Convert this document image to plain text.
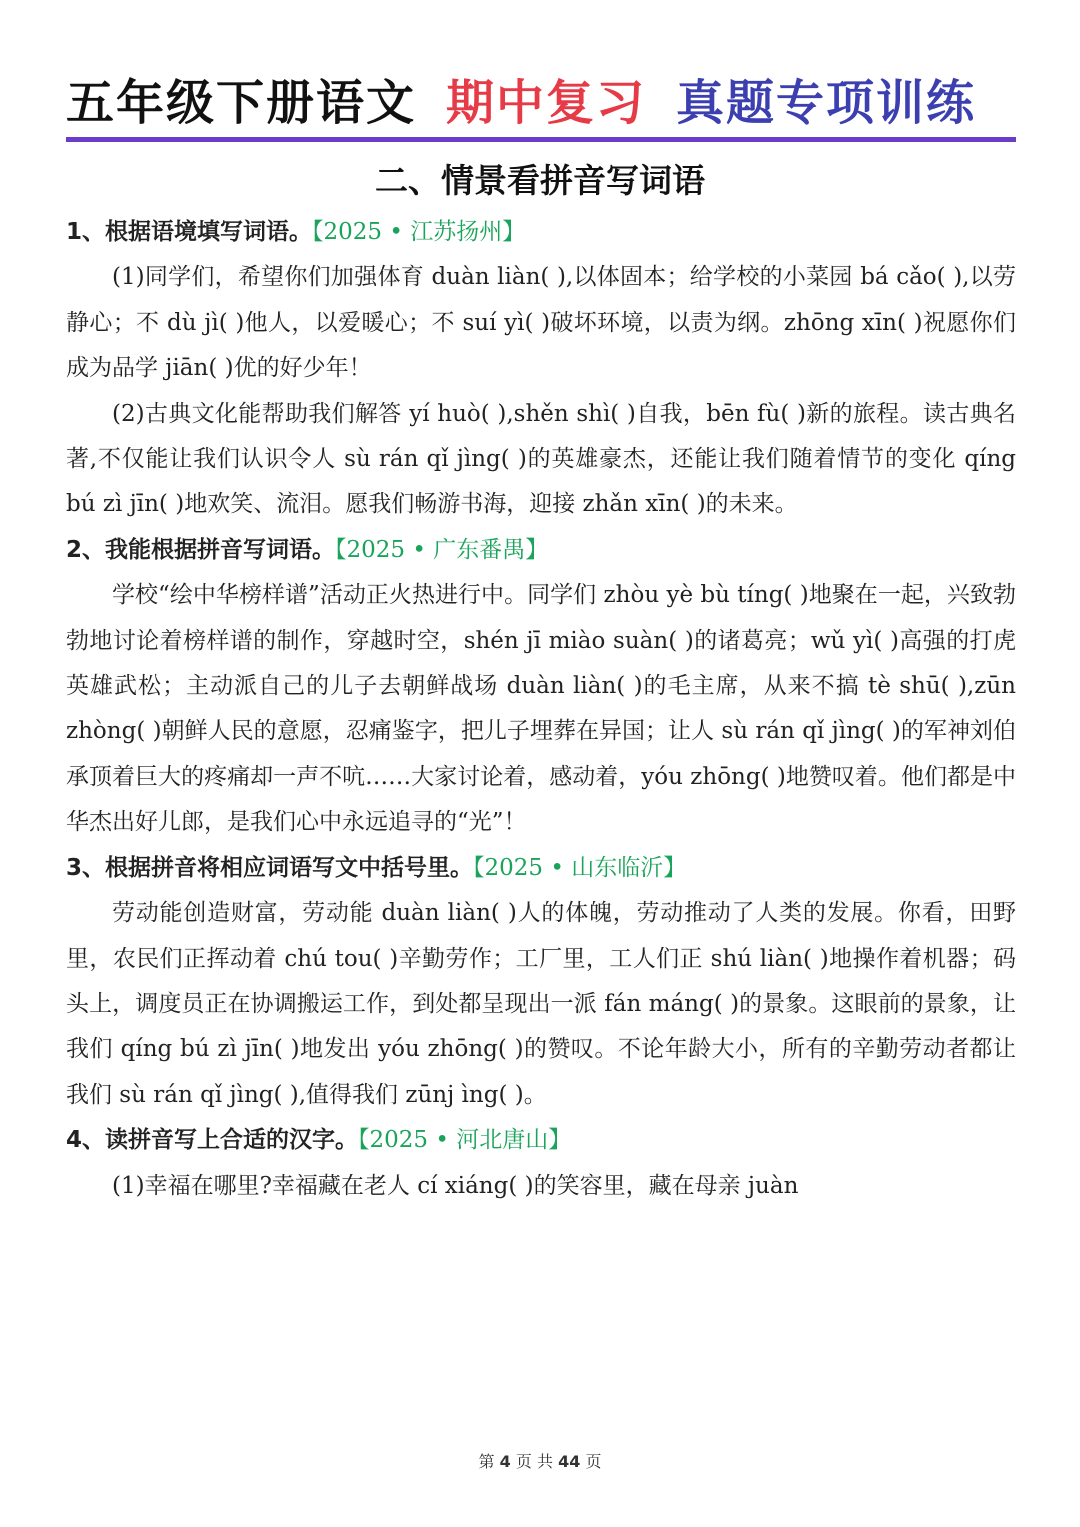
五年级下册语文 期中复习 真题专项训练
二、情景看拼音写词语
1、根据语境填写词语。【2025 • 江苏扬州】

(1)同学们，希望你们加强体育 duàn liàn( ),以体固本；给学校的小菜园 bá cǎo( ),以劳静心；不 dù jì( )他人，以爱暖心；不 suí yì( )破坏环境，以责为纲。zhōng xīn( )祝愿你们成为品学 jiān( )优的好少年！

(2)古典文化能帮助我们解答 yí huò( ),shěn shì( )自我，bēn fù( )新的旅程。读古典名著,不仅能让我们认识令人 sù rán qǐ jìng( )的英雄豪杰，还能让我们随着情节的变化 qíng bú zì jīn( )地欢笑、流泪。愿我们畅游书海，迎接 zhǎn xīn( )的未来。

2、我能根据拼音写词语。【2025 • 广东番禺】

学校“绘中华榜样谱”活动正火热进行中。同学们 zhòu yè bù tíng( )地聚在一起，兴致勃勃地讨论着榜样谱的制作，穿越时空，shén jī miào suàn( )的诸葛亮；wǔ yì( )高强的打虎英雄武松；主动派自己的儿子去朝鲜战场 duàn liàn( )的毛主席，从来不搞 tè shū( ),zūn zhòng( )朝鲜人民的意愿，忍痛鉴字，把儿子埋葬在异国；让人 sù rán qǐ jìng( )的军神刘伯承顶着巨大的疼痛却一声不吭……大家讨论着，感动着，yóu zhōng( )地赞叹着。他们都是中华杰出好儿郎，是我们心中永远追寻的“光”！

3、根据拼音将相应词语写文中括号里。【2025 • 山东临沂】

劳动能创造财富，劳动能 duàn liàn( )人的体魄，劳动推动了人类的发展。你看，田野里，农民们正挥动着 chú tou( )辛勤劳作；工厂里，工人们正 shú liàn( )地操作着机器；码头上，调度员正在协调搬运工作，到处都呈现出一派 fán máng( )的景象。这眼前的景象，让我们 qíng bú zì jīn( )地发出 yóu zhōng( )的赞叹。不论年龄大小，所有的辛勤劳动者都让我们 sù rán qǐ jìng( ),值得我们 zūnj ìng( )。

4、读拼音写上合适的汉字。【2025 • 河北唐山】

(1)幸福在哪里?幸福藏在老人 cí xiáng( )的笑容里，藏在母亲 juàn

第 4 页 共 44 页
